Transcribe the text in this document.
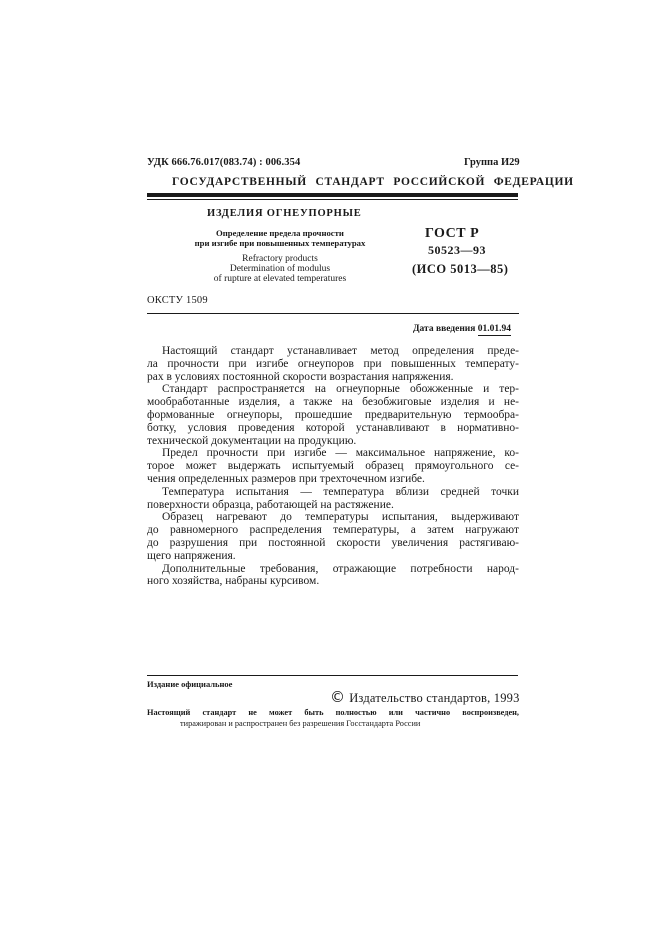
УДК 666.76.017(083.74) : 006.354	Группа И29
ГОСУДАРСТВЕННЫЙ СТАНДАРТ РОССИЙСКОЙ ФЕДЕРАЦИИ
ИЗДЕЛИЯ ОГНЕУПОРНЫЕ
Определение предела прочности
при изгибе при повышенных температурах
Refractory products
Determination of modulus
of rupture at elevated temperatures
ГОСТ Р
50523—93
(ИСО 5013—85)
ОКСТУ 1509
Дата введения 01.01.94
Настоящий стандарт устанавливает метод определения преде-
ла прочности при изгибе огнеупоров при повышенных температу-
рах в условиях постоянной скорости возрастания напряжения.
Стандарт распространяется на огнеупорные обожженные и тер-
мообработанные изделия, а также на безобжиговые изделия и не-
формованные огнеупоры, прошедшие предварительную термообра-
ботку, условия проведения которой устанавливают в нормативно-
технической документации на продукцию.
Предел прочности при изгибе — максимальное напряжение, ко-
торое может выдержать испытуемый образец прямоугольного се-
чения определенных размеров при трехточечном изгибе.
Температура испытания — температура вблизи средней точки
поверхности образца, работающей на растяжение.
Образец нагревают до температуры испытания, выдерживают
до равномерного распределения температуры, а затем нагружают
до разрушения при постоянной скорости увеличения растягиваю-
щего напряжения.
Дополнительные требования, отражающие потребности народ-
ного хозяйства, набраны курсивом.
Издание официальное
© Издательство стандартов, 1993
Настоящий стандарт не может быть полностью или частично воспроизведен,
тиражирован и распространен без разрешения Госстандарта России
